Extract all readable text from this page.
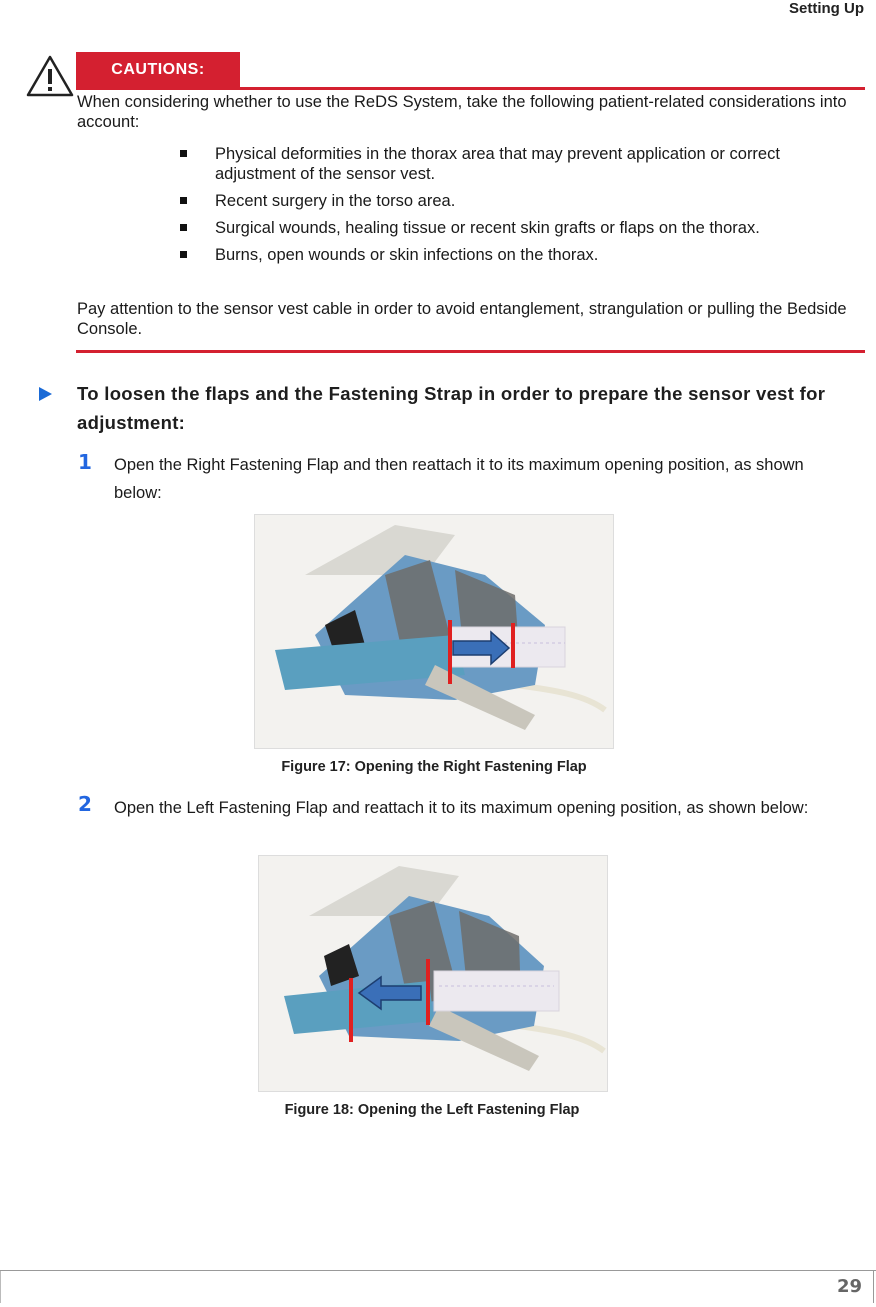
Setting Up
CAUTIONS:
When considering whether to use the ReDS System, take the following patient-related considerations into account:
Physical deformities in the thorax area that may prevent application or correct adjustment of the sensor vest.
Recent surgery in the torso area.
Surgical wounds, healing tissue or recent skin grafts or flaps on the thorax.
Burns, open wounds or skin infections on the thorax.
Pay attention to the sensor vest cable in order to avoid entanglement, strangulation or pulling the Bedside Console.
To loosen the flaps and the Fastening Strap in order to prepare the sensor vest for adjustment:
1 Open the Right Fastening Flap and then reattach it to its maximum opening position, as shown below:
Figure 17: Opening the Right Fastening Flap
2 Open the Left Fastening Flap and reattach it to its maximum opening position, as shown below:
Figure 18: Opening the Left Fastening Flap
29
